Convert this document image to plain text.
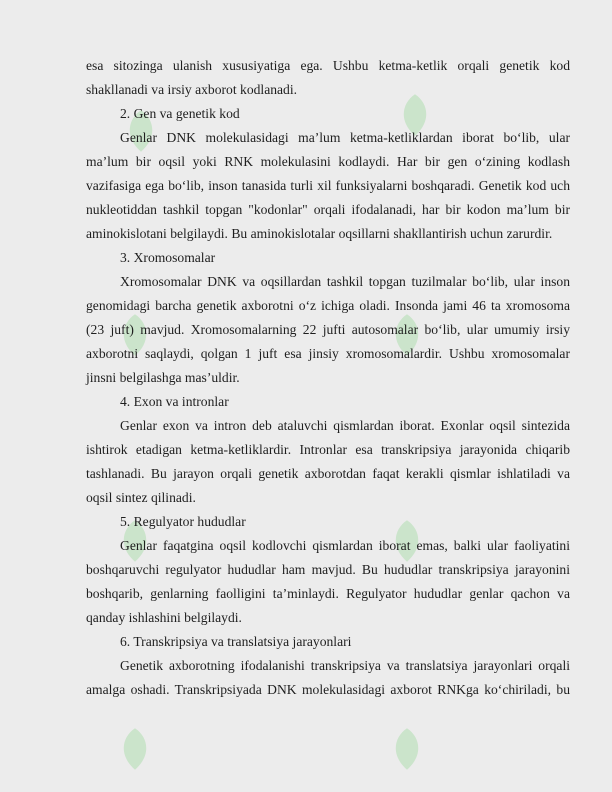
esa sitozinga ulanish xususiyatiga ega. Ushbu ketma-ketlik orqali genetik kod
shakllanadi va irsiy axborot kodlanadi.
2. Gen va genetik kod
Genlar DNK molekulasidagi ma’lum ketma-ketliklardan iborat bo‘lib, ular
ma’lum bir oqsil yoki RNK molekulasini kodlaydi. Har bir gen o‘zining kodlash
vazifasiga ega bo‘lib, inson tanasida turli xil funksiyalarni boshqaradi. Genetik kod uch
nukleotiddan tashkil topgan "kodonlar" orqali ifodalanadi, har bir kodon ma’lum bir
aminokislotani belgilaydi. Bu aminokislotalar oqsillarni shakllantirish uchun zarurdir.
3. Xromosomalar
Xromosomalar DNK va oqsillardan tashkil topgan tuzilmalar bo‘lib, ular inson
genomidagi barcha genetik axborotni o‘z ichiga oladi. Insonda jami 46 ta xromosoma
(23 juft) mavjud. Xromosomalarning 22 jufti autosomalar bo‘lib, ular umumiy irsiy
axborotni saqlaydi, qolgan 1 juft esa jinsiy xromosomalardir. Ushbu xromosomalar
jinsni belgilashga mas’uldir.
4. Exon va intronlar
Genlar exon va intron deb ataluvchi qismlardan iborat. Exonlar oqsil sintezida
ishtirok etadigan ketma-ketliklardir. Intronlar esa transkripsiya jarayonida chiqarib
tashlanadi. Bu jarayon orqali genetik axborotdan faqat kerakli qismlar ishlatiladi va
oqsil sintez qilinadi.
5. Regulyator hududlar
Genlar faqatgina oqsil kodlovchi qismlardan iborat emas, balki ular faoliyatini
boshqaruvchi regulyator hududlar ham mavjud. Bu hududlar transkripsiya jarayonini
boshqarib, genlarning faolligini ta’minlaydi. Regulyator hududlar genlar qachon va
qanday ishlashini belgilaydi.
6. Transkripsiya va translatsiya jarayonlari
Genetik axborotning ifodalanishi transkripsiya va translatsiya jarayonlari orqali
amalga oshadi. Transkripsiyada DNK molekulasidagi axborot RNKga ko‘chiriladi, bu
